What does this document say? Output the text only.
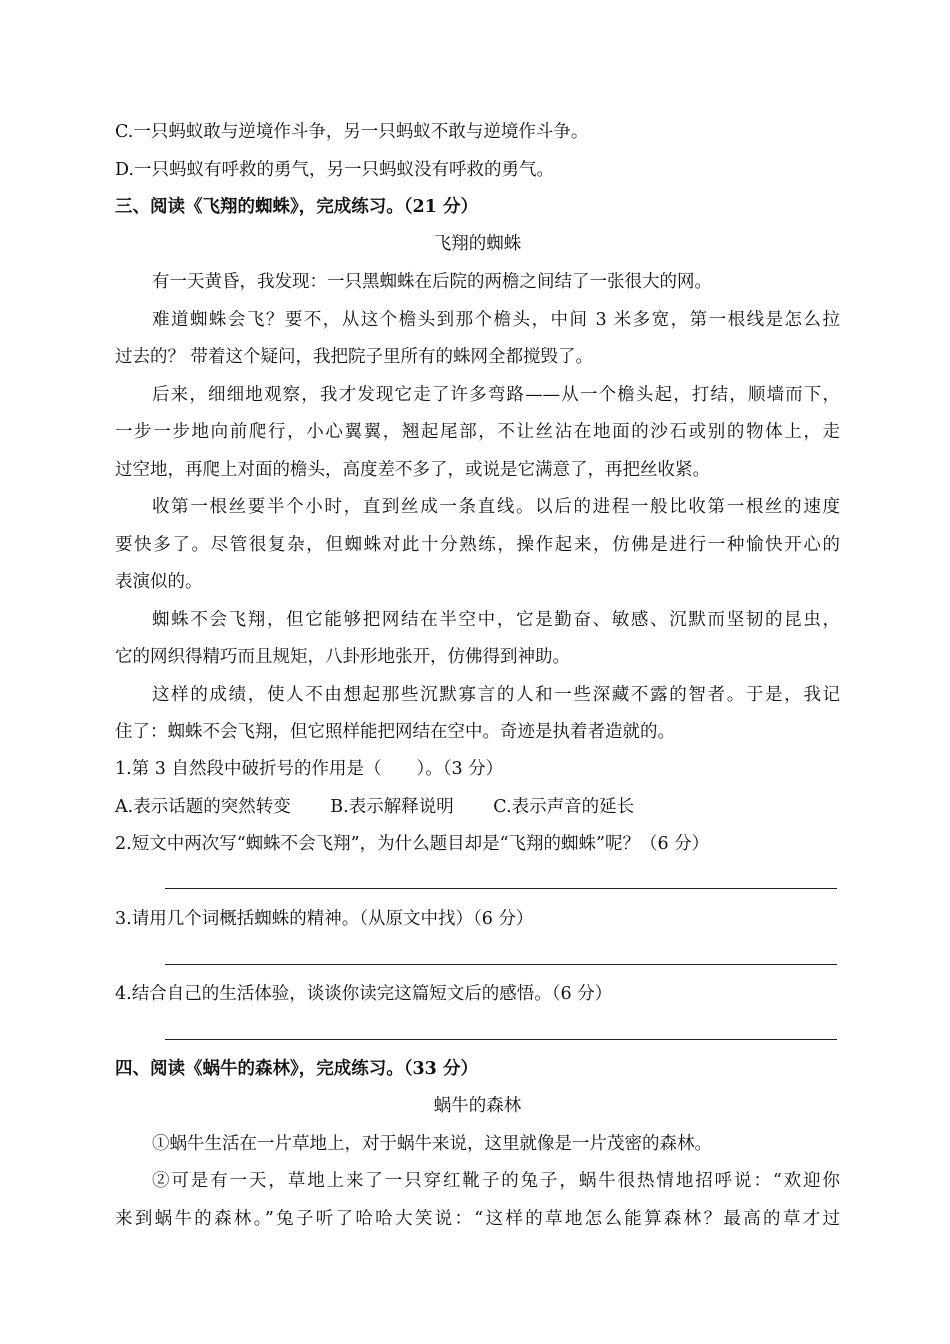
C.一只蚂蚁敢与逆境作斗争，另一只蚂蚁不敢与逆境作斗争。
D.一只蚂蚁有呼救的勇气，另一只蚂蚁没有呼救的勇气。
三、阅读《飞翔的蜘蛛》，完成练习。（21 分）
飞翔的蜘蛛
有一天黄昏，我发现：一只黑蜘蛛在后院的两檐之间结了一张很大的网。
难道蜘蛛会飞？要不，从这个檐头到那个檐头，中间 3 米多宽，第一根线是怎么拉
过去的？ 带着这个疑问，我把院子里所有的蛛网全都搅毁了。
后来，细细地观察，我才发现它走了许多弯路——从一个檐头起，打结，顺墙而下，
一步一步地向前爬行，小心翼翼，翘起尾部，不让丝沾在地面的沙石或别的物体上，走
过空地，再爬上对面的檐头，高度差不多了，或说是它满意了，再把丝收紧。
收第一根丝要半个小时，直到丝成一条直线。以后的进程一般比收第一根丝的速度
要快多了。尽管很复杂，但蜘蛛对此十分熟练，操作起来，仿佛是进行一种愉快开心的
表演似的。
蜘蛛不会飞翔，但它能够把网结在半空中，它是勤奋、敏感、沉默而坚韧的昆虫，
它的网织得精巧而且规矩，八卦形地张开，仿佛得到神助。
这样的成绩，使人不由想起那些沉默寡言的人和一些深藏不露的智者。于是，我记
住了：蜘蛛不会飞翔，但它照样能把网结在空中。奇迹是执着者造就的。
1.第 3 自然段中破折号的作用是（　　）。（3 分）
A.表示话题的突然转变 B.表示解释说明 C.表示声音的延长
2.短文中两次写“蜘蛛不会飞翔”，为什么题目却是“飞翔的蜘蛛”呢？（6 分）
3.请用几个词概括蜘蛛的精神。（从原文中找）（6 分）
4.结合自己的生活体验，谈谈你读完这篇短文后的感悟。（6 分）
四、阅读《蜗牛的森林》，完成练习。（33 分）
蜗牛的森林
①蜗牛生活在一片草地上，对于蜗牛来说，这里就像是一片茂密的森林。
②可是有一天，草地上来了一只穿红靴子的兔子，蜗牛很热情地招呼说：“欢迎你
来到蜗牛的森林。”兔子听了哈哈大笑说：“这样的草地怎么能算森林？最高的草才过
